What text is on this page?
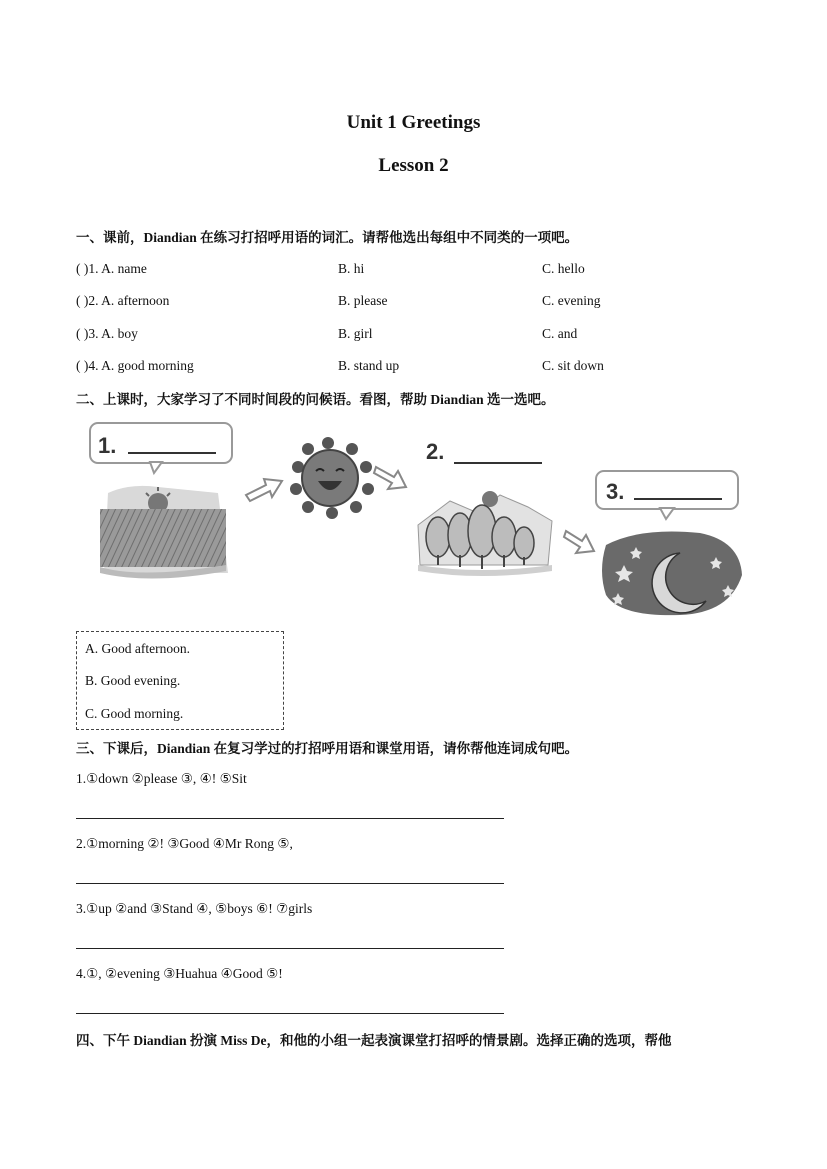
Unit 1 Greetings
Lesson 2
一、课前，Diandian 在练习打招呼用语的词汇。请帮他选出每组中不同类的一项吧。
( )1. A. name	B. hi	C. hello
( )2. A. afternoon	B. please	C. evening
( )3. A. boy	B. girl	C. and
( )4. A. good morning	B. stand up	C. sit down
二、上课时，大家学习了不同时间段的问候语。看图，帮助 Diandian 选一选吧。
1.	2.
3.
A. Good afternoon.
B. Good evening.
C. Good morning.
三、下课后，Diandian 在复习学过的打招呼用语和课堂用语，请你帮他连词成句吧。
1.①down ②please ③, ④! ⑤Sit
2.①morning ②! ③Good ④Mr Rong ⑤,
3.①up ②and ③Stand ④, ⑤boys ⑥! ⑦girls
4.①, ②evening ③Huahua ④Good ⑤!
四、下午 Diandian 扮演 Miss De，和他的小组一起表演课堂打招呼的情景剧。选择正确的选项，帮他
